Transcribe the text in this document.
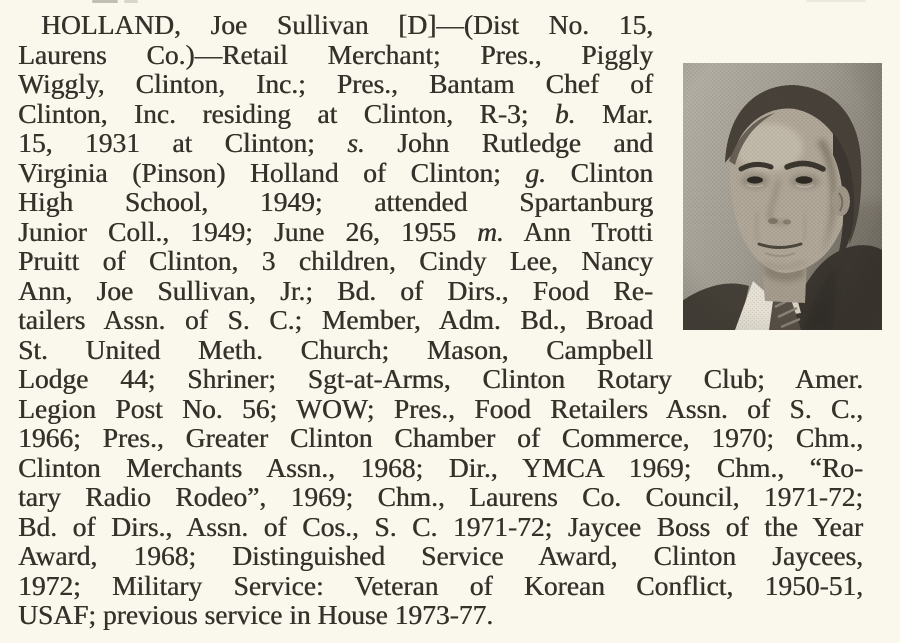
HOLLAND, Joe Sullivan [D]—(Dist No. 15,
Laurens Co.)—Retail Merchant; Pres., Piggly
Wiggly, Clinton, Inc.; Pres., Bantam Chef of
Clinton, Inc. residing at Clinton, R-3; b. Mar.
15, 1931 at Clinton; s. John Rutledge and
Virginia (Pinson) Holland of Clinton; g. Clinton
High School, 1949; attended Spartanburg
Junior Coll., 1949; June 26, 1955 m. Ann Trotti
Pruitt of Clinton, 3 children, Cindy Lee, Nancy
Ann, Joe Sullivan, Jr.; Bd. of Dirs., Food Re-
tailers Assn. of S. C.; Member, Adm. Bd., Broad
St. United Meth. Church; Mason, Campbell
Lodge 44; Shriner; Sgt-at-Arms, Clinton Rotary Club; Amer.
Legion Post No. 56; WOW; Pres., Food Retailers Assn. of S. C.,
1966; Pres., Greater Clinton Chamber of Commerce, 1970; Chm.,
Clinton Merchants Assn., 1968; Dir., YMCA 1969; Chm., “Ro-
tary Radio Rodeo”, 1969; Chm., Laurens Co. Council, 1971-72;
Bd. of Dirs., Assn. of Cos., S. C. 1971-72; Jaycee Boss of the Year
Award, 1968; Distinguished Service Award, Clinton Jaycees,
1972; Military Service: Veteran of Korean Conflict, 1950-51,
USAF; previous service in House 1973-77.
